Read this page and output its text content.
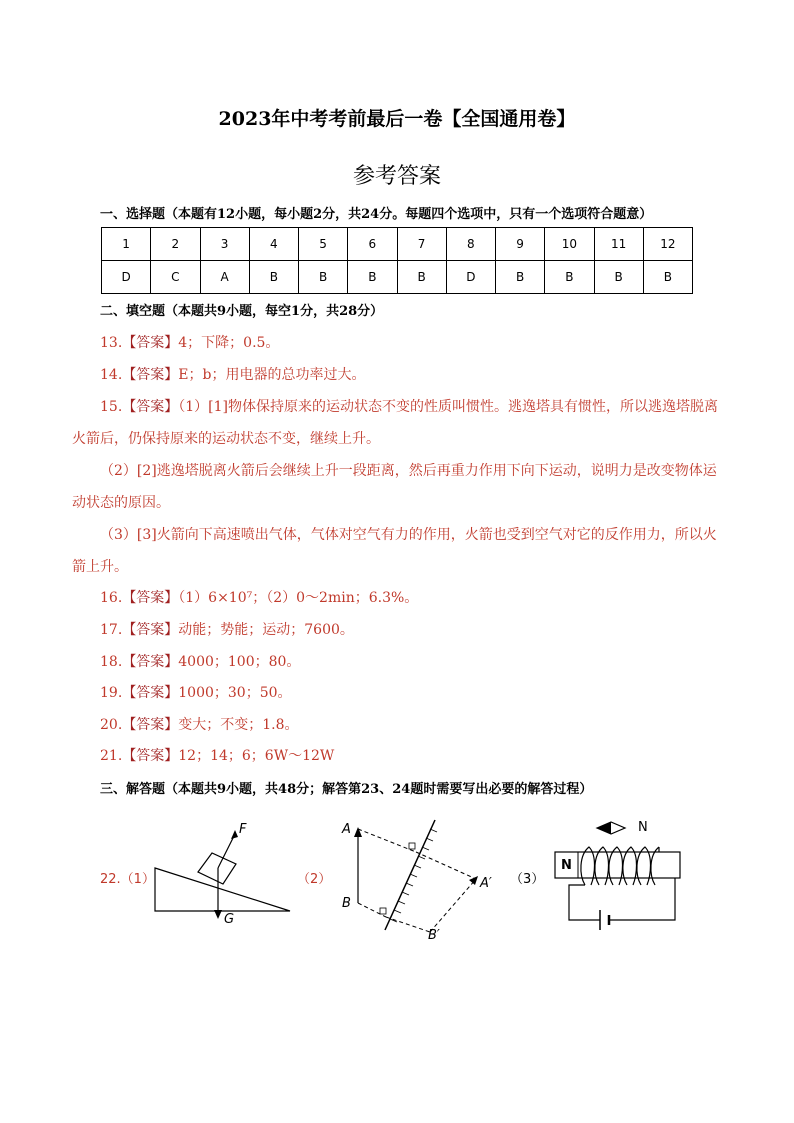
2023年中考考前最后一卷【全国通用卷】
参考答案
一、选择题（本题有12小题，每小题2分，共24分。每题四个选项中，只有一个选项符合题意）
1	2	3	4	5	6	7	8	9	10	11	12
D	C	A	B	B	B	B	D	B	B	B	B
二、填空题（本题共9小题，每空1分，共28分）
13.【答案】4；下降；0.5。
14.【答案】E；b；用电器的总功率过大。
15.【答案】（1）[1]物体保持原来的运动状态不变的性质叫惯性。逃逸塔具有惯性，所以逃逸塔脱离
火箭后，仍保持原来的运动状态不变，继续上升。
（2）[2]逃逸塔脱离火箭后会继续上升一段距离，然后再重力作用下向下运动，说明力是改变物体运
动状态的原因。
（3）[3]火箭向下高速喷出气体，气体对空气有力的作用，火箭也受到空气对它的反作用力，所以火
箭上升。
16.【答案】（1）6×10⁷；（2）0～2min；6.3%。
17.【答案】动能；势能；运动；7600。
18.【答案】4000；100；80。
19.【答案】1000；30；50。
20.【答案】变大；不变；1.8。
21.【答案】12；14；6；6W～12W
三、解答题（本题共9小题，共48分；解答第23、24题时需要写出必要的解答过程）
22.（1）	（2）	（3）
F
G
A
B
A′
B′
N
N
